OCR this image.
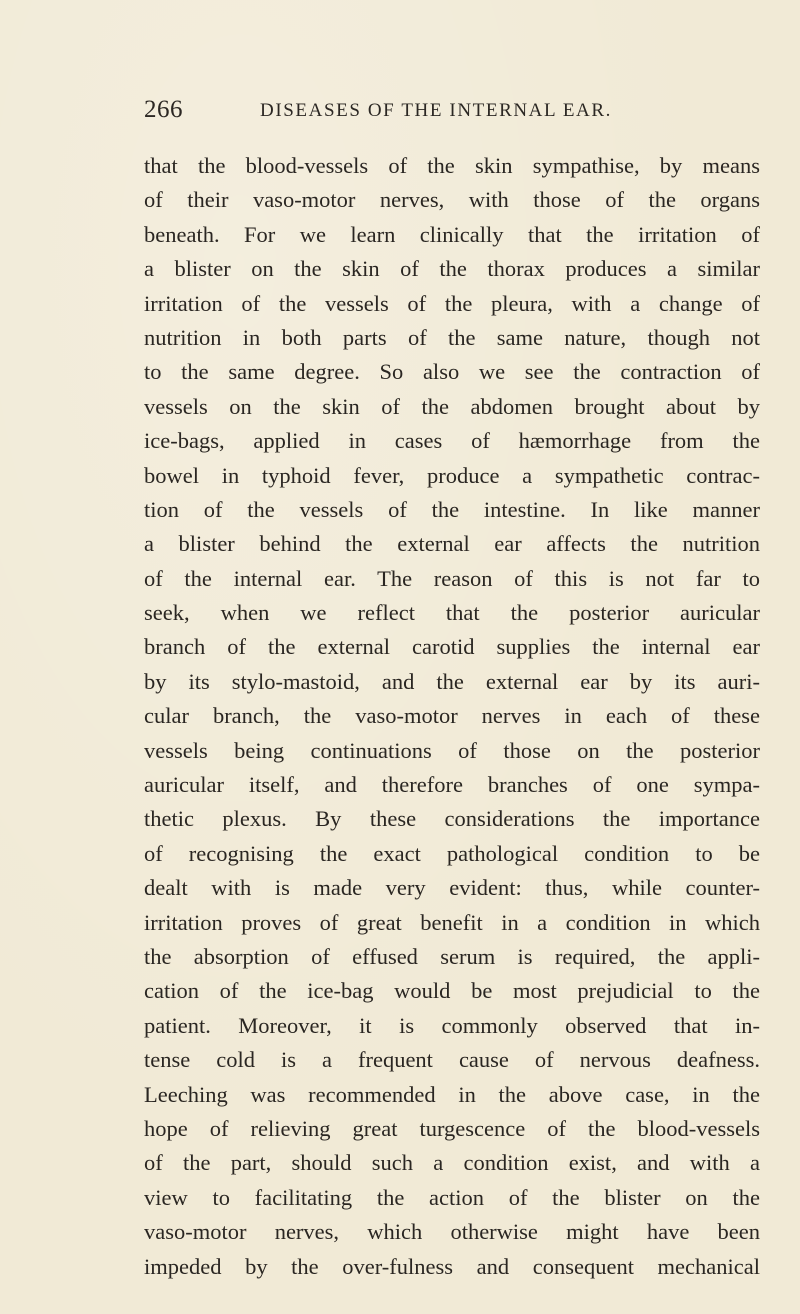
266	DISEASES OF THE INTERNAL EAR.
that the blood-vessels of the skin sympathise, by means
of their vaso-motor nerves, with those of the organs
beneath. For we learn clinically that the irritation of
a blister on the skin of the thorax produces a similar
irritation of the vessels of the pleura, with a change of
nutrition in both parts of the same nature, though not
to the same degree. So also we see the contraction of
vessels on the skin of the abdomen brought about by
ice-bags, applied in cases of hæmorrhage from the
bowel in typhoid fever, produce a sympathetic contrac-
tion of the vessels of the intestine. In like manner
a blister behind the external ear affects the nutrition
of the internal ear. The reason of this is not far to
seek, when we reflect that the posterior auricular
branch of the external carotid supplies the internal ear
by its stylo-mastoid, and the external ear by its auri-
cular branch, the vaso-motor nerves in each of these
vessels being continuations of those on the posterior
auricular itself, and therefore branches of one sympa-
thetic plexus. By these considerations the importance
of recognising the exact pathological condition to be
dealt with is made very evident: thus, while counter-
irritation proves of great benefit in a condition in which
the absorption of effused serum is required, the appli-
cation of the ice-bag would be most prejudicial to the
patient. Moreover, it is commonly observed that in-
tense cold is a frequent cause of nervous deafness.
Leeching was recommended in the above case, in the
hope of relieving great turgescence of the blood-vessels
of the part, should such a condition exist, and with a
view to facilitating the action of the blister on the
vaso-motor nerves, which otherwise might have been
impeded by the over-fulness and consequent mechanical
